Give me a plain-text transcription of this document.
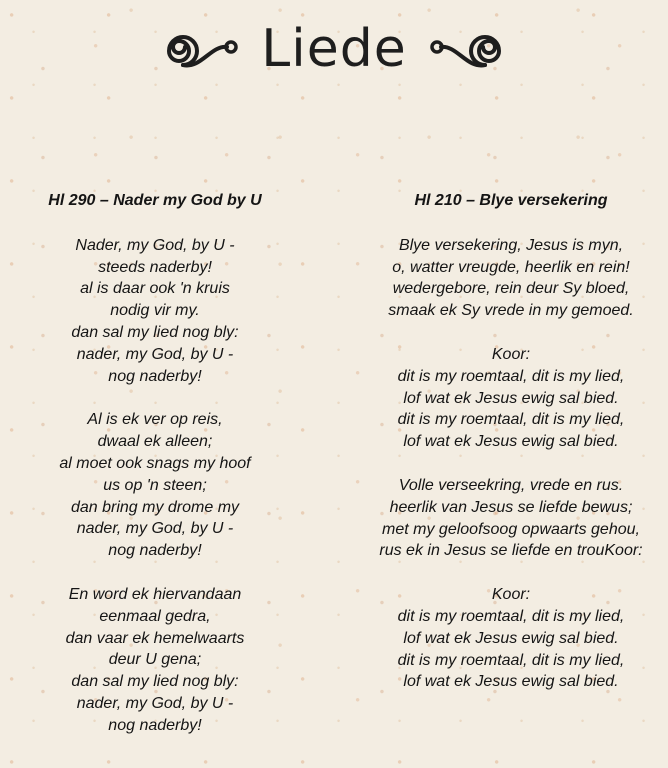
Liede
Hl 290 – Nader my God by U
Nader, my God, by U -
steeds naderby!
al is daar ook 'n kruis
nodig vir my.
dan sal my lied nog bly:
nader, my God, by U -
nog naderby!
Al is ek ver op reis,
dwaal ek alleen;
al moet ook snags my hoof
us op 'n steen;
dan bring my drome my
nader, my God, by U -
nog naderby!
En word ek hiervandaan
eenmaal gedra,
dan vaar ek hemelwaarts
deur U gena;
dan sal my lied nog bly:
nader, my God, by U -
nog naderby!
Hl 210 – Blye versekering
Blye versekering, Jesus is myn,
o, watter vreugde, heerlik en rein!
wedergebore, rein deur Sy bloed,
smaak ek Sy vrede in my gemoed.
Koor:
dit is my roemtaal, dit is my lied,
lof wat ek Jesus ewig sal bied.
dit is my roemtaal, dit is my lied,
lof wat ek Jesus ewig sal bied.
Volle verseekring, vrede en rus.
heerlik van Jesus se liefde bewus;
met my geloofsoog opwaarts gehou,
rus ek in Jesus se liefde en trouKoor:
Koor:
dit is my roemtaal, dit is my lied,
lof wat ek Jesus ewig sal bied.
dit is my roemtaal, dit is my lied,
lof wat ek Jesus ewig sal bied.
